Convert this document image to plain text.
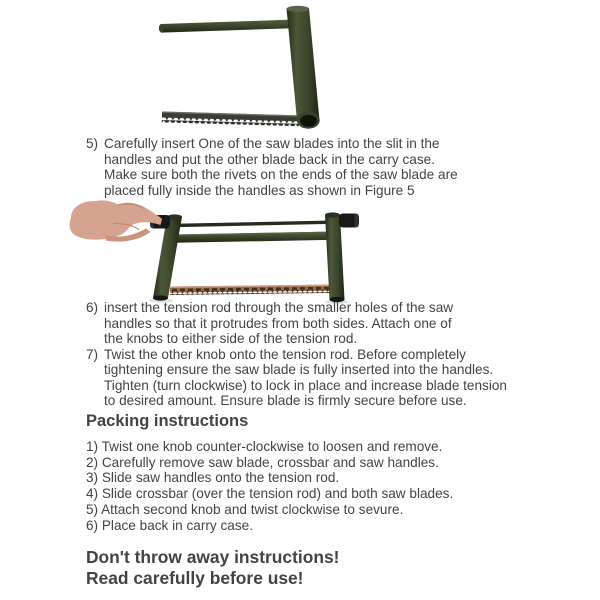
5) Carefully insert One of the saw blades into the slit in the
handles and put the other blade back in the carry case.
Make sure both the rivets on the ends of the saw blade are
placed fully inside the handles as shown in Figure 5
6) insert the tension rod through the smaller holes of the saw
handles so that it protrudes from both sides. Attach one of
the knobs to either side of the tension rod.
7) Twist the other knob onto the tension rod. Before completely
tightening ensure the saw blade is fully inserted into the handles.
Tighten (turn clockwise) to lock in place and increase blade tension
to desired amount. Ensure blade is firmly secure before use.
Packing instructions
1) Twist one knob counter-clockwise to loosen and remove.
2) Carefully remove saw blade, crossbar and saw handles.
3) Slide saw handles onto the tension rod.
4) Slide crossbar (over the tension rod) and both saw blades.
5) Attach second knob and twist clockwise to sevure.
6) Place back in carry case.
Don't throw away instructions!
Read carefully before use!
